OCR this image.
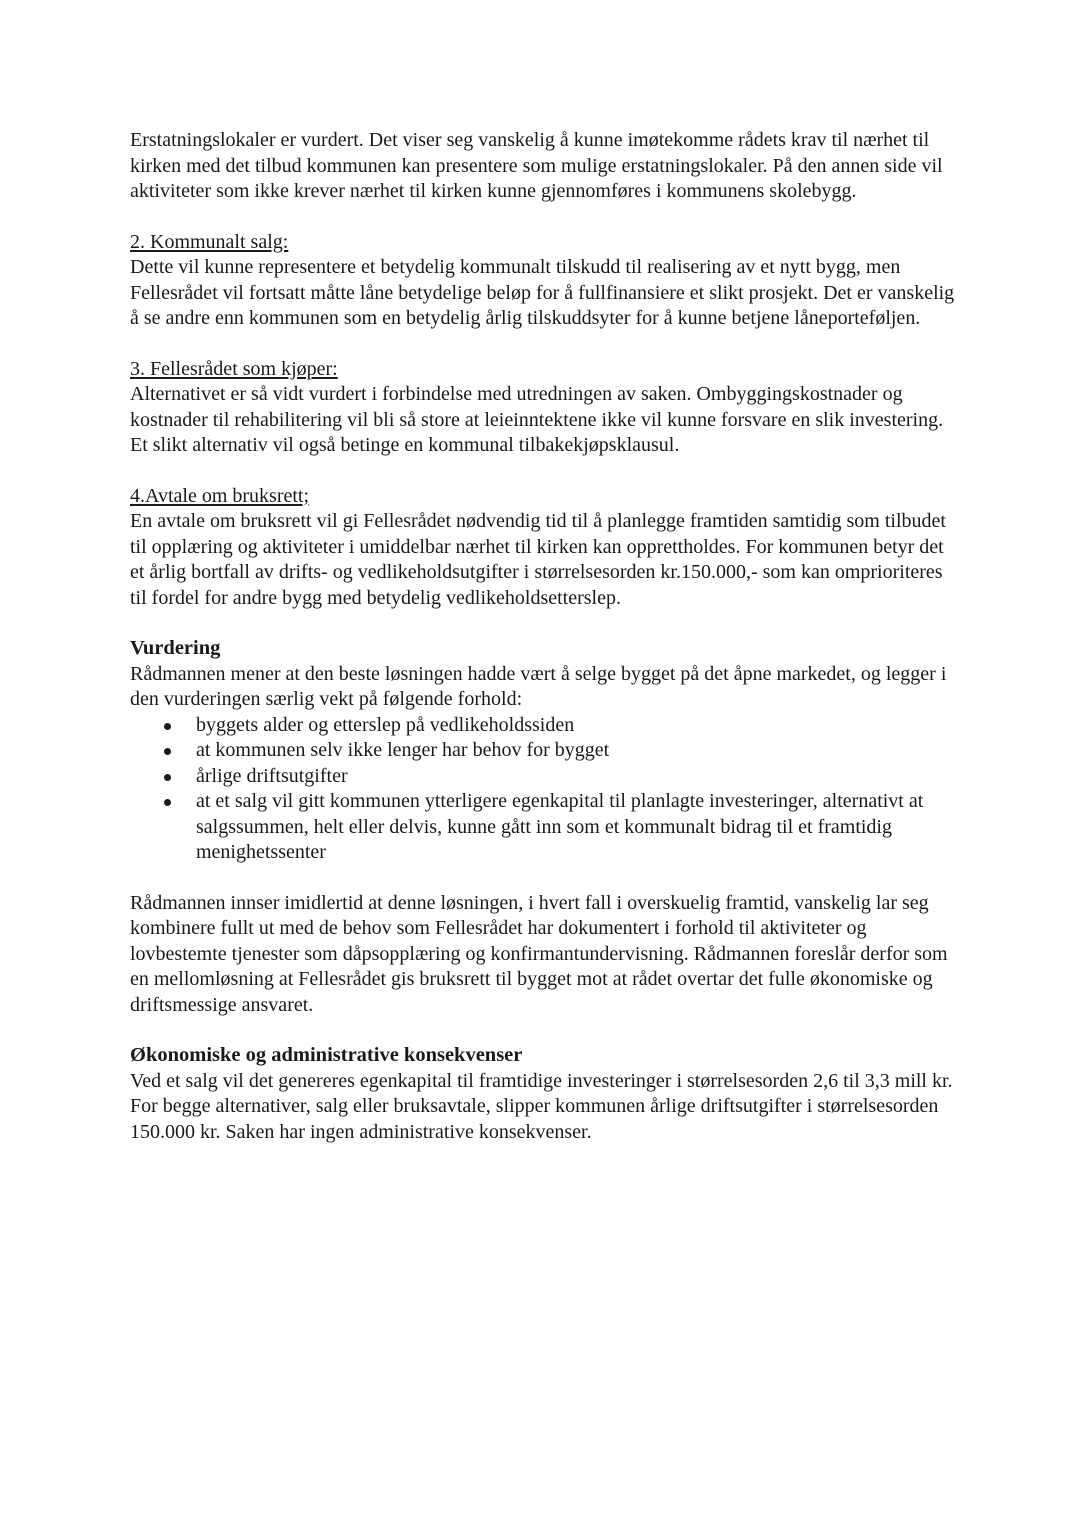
Erstatningslokaler er vurdert. Det viser seg vanskelig å kunne imøtekomme rådets krav til nærhet til kirken med det tilbud kommunen kan presentere som mulige erstatningslokaler. På den annen side vil aktiviteter som ikke krever nærhet til kirken kunne gjennomføres i kommunens skolebygg.

2. Kommunalt salg:

Dette vil kunne representere et betydelig kommunalt tilskudd til realisering av et nytt bygg, men Fellesrådet vil fortsatt måtte låne betydelige beløp for å fullfinansiere et slikt prosjekt. Det er vanskelig å se andre enn kommunen som en betydelig årlig tilskuddsyter for å kunne betjene låneporteføljen.

3. Fellesrådet som kjøper:

Alternativet er så vidt vurdert i forbindelse med utredningen av saken. Ombyggingskostnader og kostnader til rehabilitering vil bli så store at leieinntektene ikke vil kunne forsvare en slik investering. Et slikt alternativ vil også betinge en kommunal tilbakekjøpsklausul.

4.Avtale om bruksrett;

En avtale om bruksrett vil gi Fellesrådet nødvendig tid til å planlegge framtiden samtidig som tilbudet til opplæring og aktiviteter i umiddelbar nærhet til kirken kan opprettholdes. For kommunen betyr det et årlig bortfall av drifts- og vedlikeholdsutgifter i størrelsesorden kr.150.000,- som kan omprioriteres til fordel for andre bygg med betydelig vedlikeholdsetterslep.

Vurdering

Rådmannen mener at den beste løsningen hadde vært å selge bygget på det åpne markedet, og legger i den vurderingen særlig vekt på følgende forhold:

byggets alder og etterslep på vedlikeholdssiden
at kommunen selv ikke lenger har behov for bygget
årlige driftsutgifter
at et salg vil gitt kommunen ytterligere egenkapital til planlagte investeringer, alternativt at salgssummen, helt eller delvis, kunne gått inn som et kommunalt bidrag til et framtidig menighetssenter

Rådmannen innser imidlertid at denne løsningen, i hvert fall i overskuelig framtid, vanskelig lar seg kombinere fullt ut med de behov som Fellesrådet har dokumentert i forhold til aktiviteter og lovbestemte tjenester som dåpsopplæring og konfirmantundervisning. Rådmannen foreslår derfor som en mellomløsning at Fellesrådet gis bruksrett til bygget mot at rådet overtar det fulle økonomiske og driftsmessige ansvaret.

Økonomiske og administrative konsekvenser

Ved et salg vil det genereres egenkapital til framtidige investeringer i størrelsesorden 2,6 til 3,3 mill kr. For begge alternativer, salg eller bruksavtale, slipper kommunen årlige driftsutgifter i størrelsesorden 150.000 kr. Saken har ingen administrative konsekvenser.
